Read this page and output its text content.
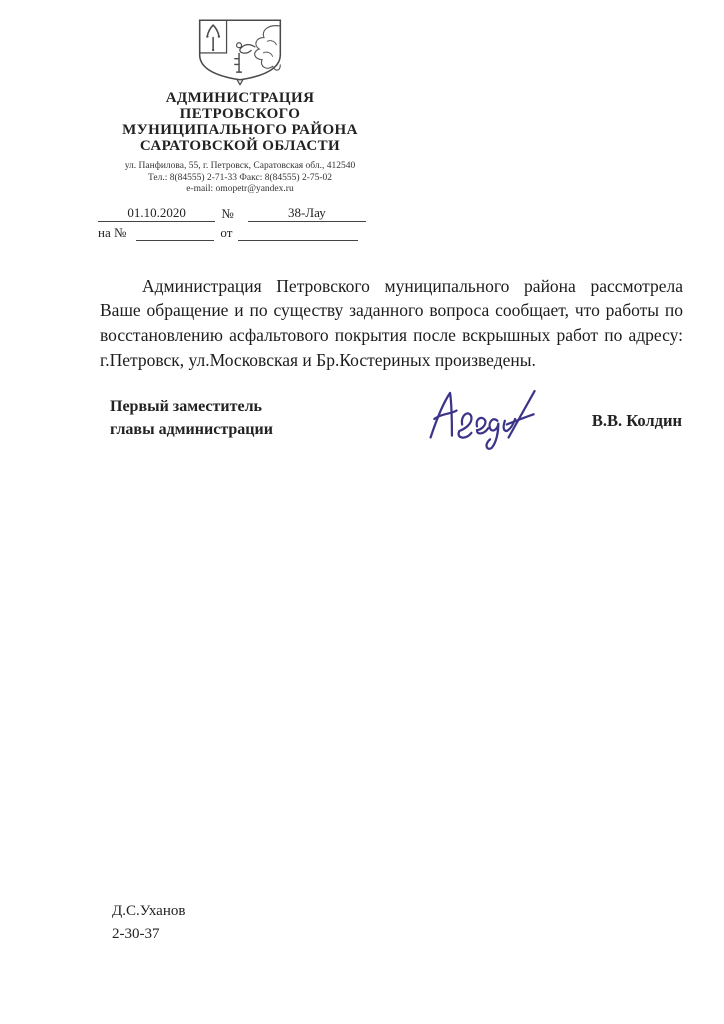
АДМИНИСТРАЦИЯ
ПЕТРОВСКОГО
МУНИЦИПАЛЬНОГО РАЙОНА
САРАТОВСКОЙ ОБЛАСТИ
ул. Панфилова, 55, г. Петровск, Саратовская обл., 412540
Тел.: 8(84555) 2-71-33 Факс: 8(84555) 2-75-02
e-mail: omopetr@yandex.ru
01.10.2020	№	38-Лау
на №	от

Администрация Петровского муниципального района рассмотрела Ваше обращение и по существу заданного вопроса сообщает, что работы по восстановлению асфальтового покрытия после вскрышных работ по адресу: г.Петровск, ул.Московская и Бр.Костериных произведены.

Первый заместитель
главы администрации	В.В. Колдин
Д.С.Уханов
2-30-37
